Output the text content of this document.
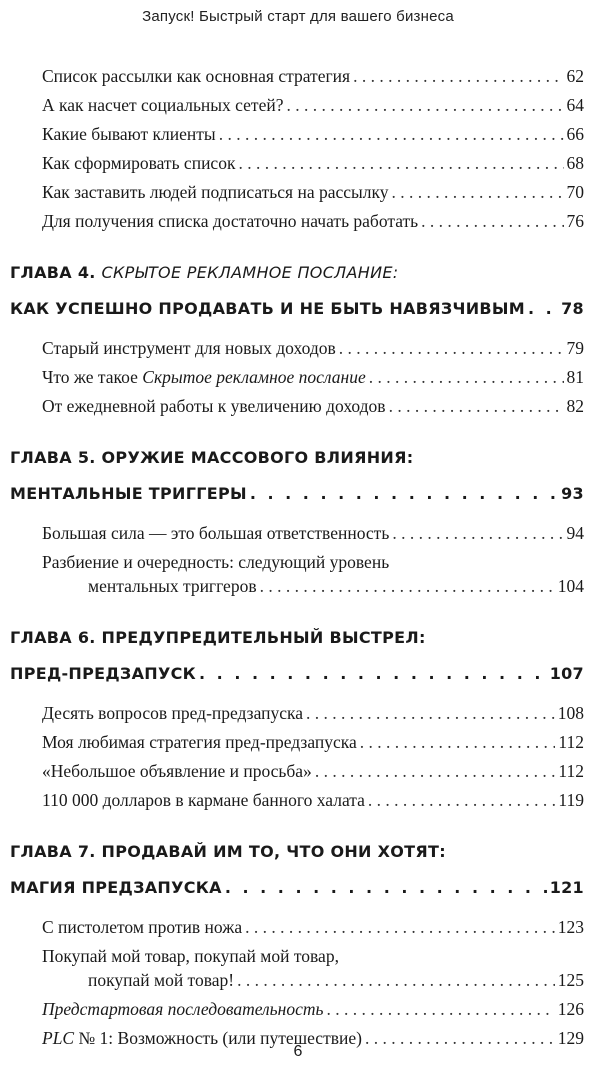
Запуск! Быстрый старт для вашего бизнеса
Список рассылки как основная стратегия . . .	62
А как насчет социальных сетей? . . .	64
Какие бывают клиенты . . .	66
Как сформировать список . . .	68
Как заставить людей подписаться на рассылку . . .	70
Для получения списка достаточно начать работать . . .	76
ГЛАВА 4. СКРЫТОЕ РЕКЛАМНОЕ ПОСЛАНИЕ:
КАК УСПЕШНО ПРОДАВАТЬ И НЕ БЫТЬ НАВЯЗЧИВЫМ . . . 78
Старый инструмент для новых доходов . . .	79
Что же такое Скрытое рекламное послание . . .	81
От ежедневной работы к увеличению доходов . . .	82
ГЛАВА 5. ОРУЖИЕ МАССОВОГО ВЛИЯНИЯ:
МЕНТАЛЬНЫЕ ТРИГГЕРЫ . . .	93
Большая сила — это большая ответственность . . .	94
Разбиение и очередность: следующий уровень
ментальных триггеров . . .	104
ГЛАВА 6. ПРЕДУПРЕДИТЕЛЬНЫЙ ВЫСТРЕЛ:
ПРЕД-ПРЕДЗАПУСК . . .	107
Десять вопросов пред-предзапуска . . .	108
Моя любимая стратегия пред-предзапуска . . .	112
«Небольшое объявление и просьба» . . .	112
110 000 долларов в кармане банного халата . . .	119
ГЛАВА 7. ПРОДАВАЙ ИМ ТО, ЧТО ОНИ ХОТЯТ:
МАГИЯ ПРЕДЗАПУСКА . . .	121
С пистолетом против ножа . . .	123
Покупай мой товар, покупай мой товар,
покупай мой товар! . . .	125
Предстартовая последовательность . . .	126
PLC № 1: Возможность (или путешествие) . . .	129
6
